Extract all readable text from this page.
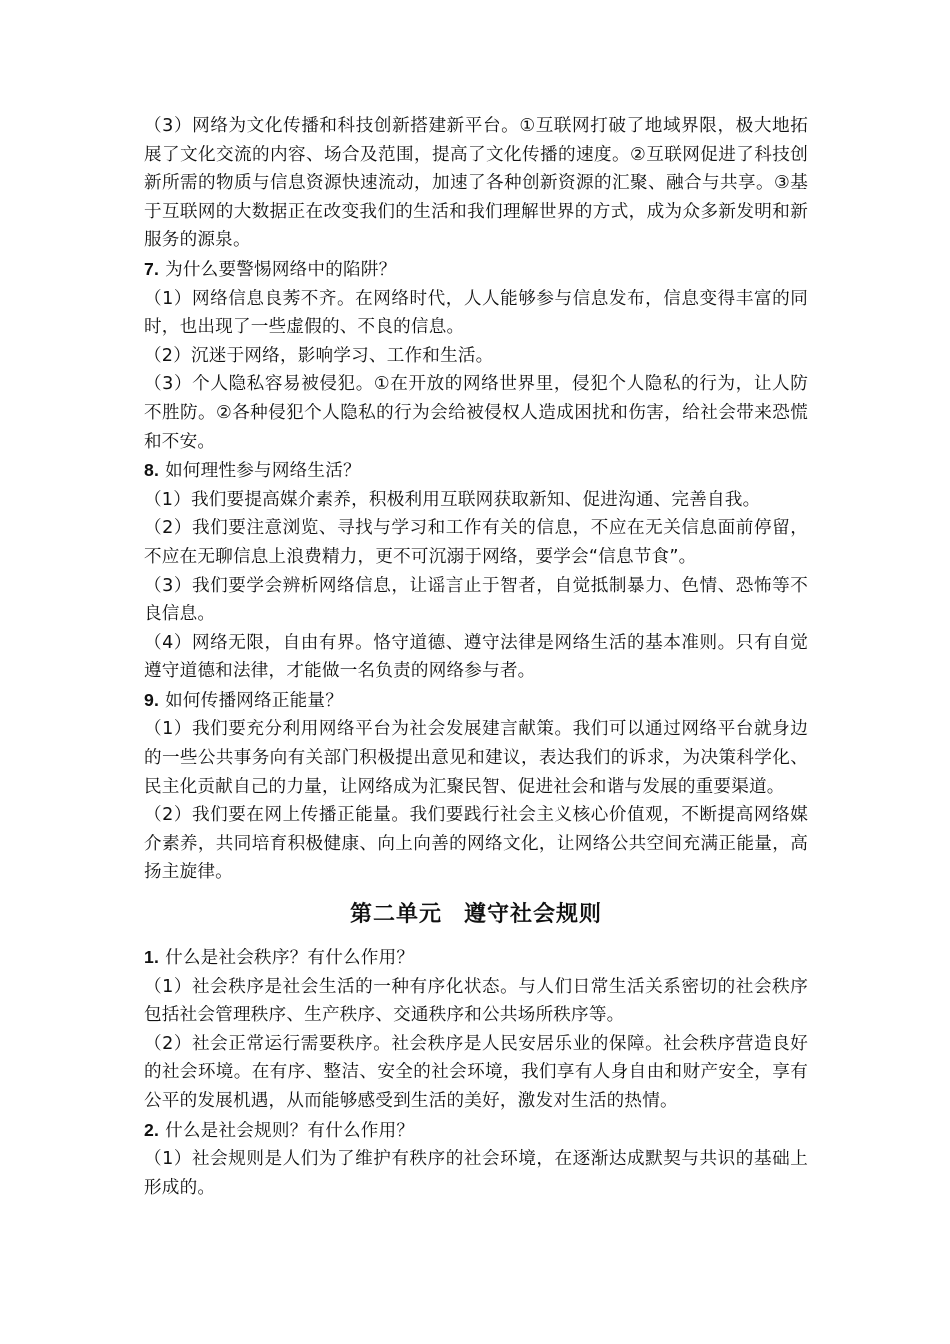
（3）网络为文化传播和科技创新搭建新平台。①互联网打破了地域界限，极大地拓展了文化交流的内容、场合及范围，提高了文化传播的速度。②互联网促进了科技创新所需的物质与信息资源快速流动，加速了各种创新资源的汇聚、融合与共享。③基于互联网的大数据正在改变我们的生活和我们理解世界的方式，成为众多新发明和新服务的源泉。

7. 为什么要警惕网络中的陷阱？

（1）网络信息良莠不齐。在网络时代，人人能够参与信息发布，信息变得丰富的同时，也出现了一些虚假的、不良的信息。

（2）沉迷于网络，影响学习、工作和生活。

（3）个人隐私容易被侵犯。①在开放的网络世界里，侵犯个人隐私的行为，让人防不胜防。②各种侵犯个人隐私的行为会给被侵权人造成困扰和伤害，给社会带来恐慌和不安。

8. 如何理性参与网络生活？

（1）我们要提高媒介素养，积极利用互联网获取新知、促进沟通、完善自我。

（2）我们要注意浏览、寻找与学习和工作有关的信息，不应在无关信息面前停留，不应在无聊信息上浪费精力，更不可沉溺于网络，要学会“信息节食”。

（3）我们要学会辨析网络信息，让谣言止于智者，自觉抵制暴力、色情、恐怖等不良信息。

（4）网络无限，自由有界。恪守道德、遵守法律是网络生活的基本准则。只有自觉遵守道德和法律，才能做一名负责的网络参与者。

9. 如何传播网络正能量？

（1）我们要充分利用网络平台为社会发展建言献策。我们可以通过网络平台就身边的一些公共事务向有关部门积极提出意见和建议，表达我们的诉求，为决策科学化、民主化贡献自己的力量，让网络成为汇聚民智、促进社会和谐与发展的重要渠道。

（2）我们要在网上传播正能量。我们要践行社会主义核心价值观，不断提高网络媒介素养，共同培育积极健康、向上向善的网络文化，让网络公共空间充满正能量，高扬主旋律。

第二单元 遵守社会规则

1. 什么是社会秩序？有什么作用？

（1）社会秩序是社会生活的一种有序化状态。与人们日常生活关系密切的社会秩序包括社会管理秩序、生产秩序、交通秩序和公共场所秩序等。

（2）社会正常运行需要秩序。社会秩序是人民安居乐业的保障。社会秩序营造良好的社会环境。在有序、整洁、安全的社会环境，我们享有人身自由和财产安全，享有公平的发展机遇，从而能够感受到生活的美好，激发对生活的热情。

2. 什么是社会规则？有什么作用？

（1）社会规则是人们为了维护有秩序的社会环境，在逐渐达成默契与共识的基础上形成的。
